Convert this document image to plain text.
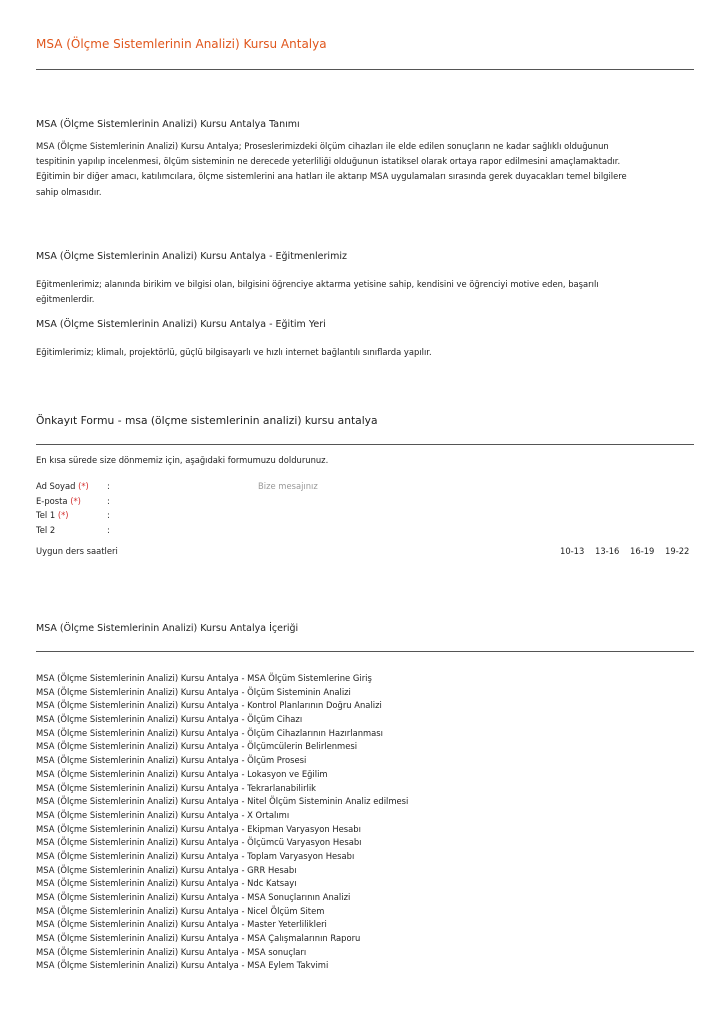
MSA (Ölçme Sistemlerinin Analizi) Kursu Antalya
MSA (Ölçme Sistemlerinin Analizi) Kursu Antalya Tanımı
MSA (Ölçme Sistemlerinin Analizi) Kursu Antalya; Proseslerimizdeki ölçüm cihazları ile elde edilen sonuçların ne kadar sağlıklı olduğunun
tespitinin yapılıp incelenmesi, ölçüm sisteminin ne derecede yeterliliği olduğunun istatiksel olarak ortaya rapor edilmesini amaçlamaktadır.
Eğitimin bir diğer amacı, katılımcılara, ölçme sistemlerini ana hatları ile aktarıp MSA uygulamaları sırasında gerek duyacakları temel bilgilere
sahip olmasıdır.
MSA (Ölçme Sistemlerinin Analizi) Kursu Antalya - Eğitmenlerimiz
Eğitmenlerimiz; alanında birikim ve bilgisi olan, bilgisini öğrenciye aktarma yetisine sahip, kendisini ve öğrenciyi motive eden, başarılı
eğitmenlerdir.
MSA (Ölçme Sistemlerinin Analizi) Kursu Antalya - Eğitim Yeri
Eğitimlerimiz; klimalı, projektörlü, güçlü bilgisayarlı ve hızlı internet bağlantılı sınıflarda yapılır.
Önkayıt Formu - msa (ölçme sistemlerinin analizi) kursu antalya
En kısa sürede size dönmemiz için, aşağıdaki formumuzu doldurunuz.
Ad Soyad (*) :
E-posta (*)	:
Tel 1 (*)	:
Tel 2	:
Bize mesajınız
Uygun ders saatleri	10-13 13-16 16-19 19-22
MSA (Ölçme Sistemlerinin Analizi) Kursu Antalya İçeriği
MSA (Ölçme Sistemlerinin Analizi) Kursu Antalya - MSA Ölçüm Sistemlerine Giriş
MSA (Ölçme Sistemlerinin Analizi) Kursu Antalya - Ölçüm Sisteminin Analizi
MSA (Ölçme Sistemlerinin Analizi) Kursu Antalya - Kontrol Planlarının Doğru Analizi
MSA (Ölçme Sistemlerinin Analizi) Kursu Antalya - Ölçüm Cihazı
MSA (Ölçme Sistemlerinin Analizi) Kursu Antalya - Ölçüm Cihazlarının Hazırlanması
MSA (Ölçme Sistemlerinin Analizi) Kursu Antalya - Ölçümcülerin Belirlenmesi
MSA (Ölçme Sistemlerinin Analizi) Kursu Antalya - Ölçüm Prosesi
MSA (Ölçme Sistemlerinin Analizi) Kursu Antalya - Lokasyon ve Eğilim
MSA (Ölçme Sistemlerinin Analizi) Kursu Antalya - Tekrarlanabilirlik
MSA (Ölçme Sistemlerinin Analizi) Kursu Antalya - Nitel Ölçüm Sisteminin Analiz edilmesi
MSA (Ölçme Sistemlerinin Analizi) Kursu Antalya - X Ortalımı
MSA (Ölçme Sistemlerinin Analizi) Kursu Antalya - Ekipman Varyasyon Hesabı
MSA (Ölçme Sistemlerinin Analizi) Kursu Antalya - Ölçümcü Varyasyon Hesabı
MSA (Ölçme Sistemlerinin Analizi) Kursu Antalya - Toplam Varyasyon Hesabı
MSA (Ölçme Sistemlerinin Analizi) Kursu Antalya - GRR Hesabı
MSA (Ölçme Sistemlerinin Analizi) Kursu Antalya - Ndc Katsayı
MSA (Ölçme Sistemlerinin Analizi) Kursu Antalya - MSA Sonuçlarının Analizi
MSA (Ölçme Sistemlerinin Analizi) Kursu Antalya - Nicel Ölçüm Sitem
MSA (Ölçme Sistemlerinin Analizi) Kursu Antalya - Master Yeterlilikleri
MSA (Ölçme Sistemlerinin Analizi) Kursu Antalya - MSA Çalışmalarının Raporu
MSA (Ölçme Sistemlerinin Analizi) Kursu Antalya - MSA sonuçları
MSA (Ölçme Sistemlerinin Analizi) Kursu Antalya - MSA Eylem Takvimi
